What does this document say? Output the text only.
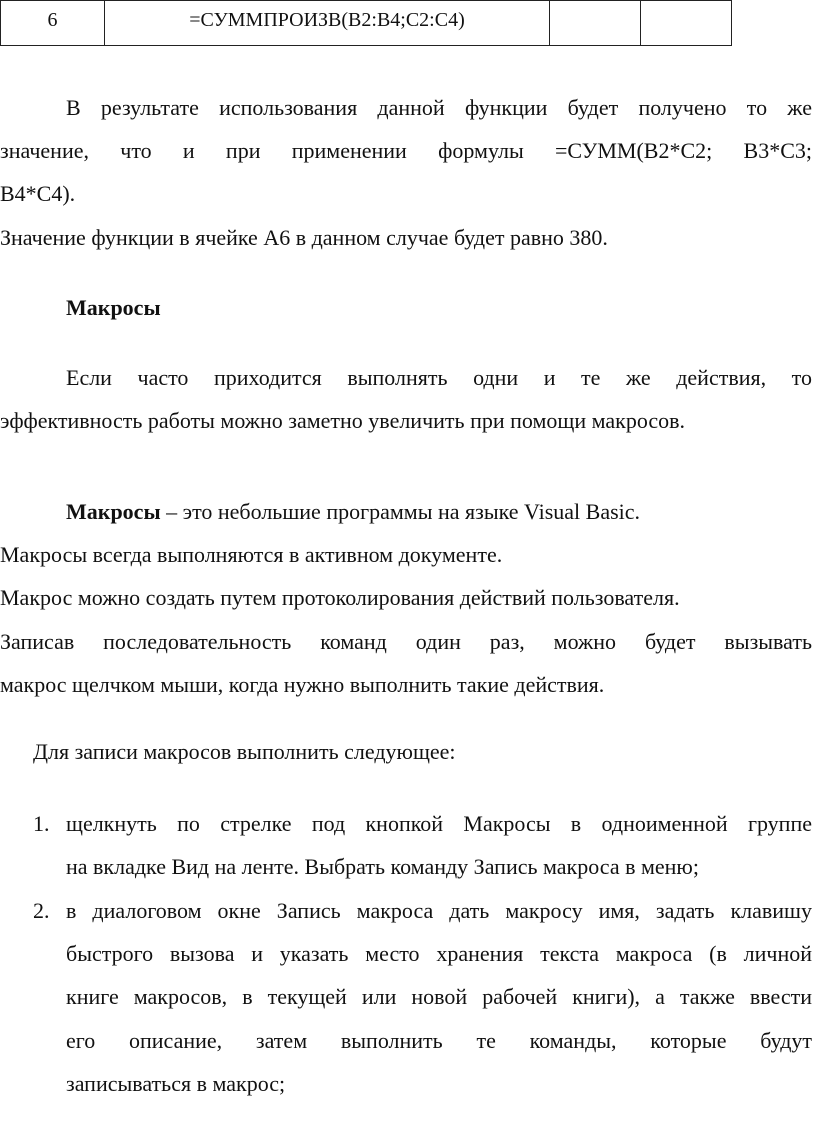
6	=СУММПРОИЗВ(B2:B4;C2:C4)		
В результате использования данной функции будет получено то же
значение, что и при применении формулы =СУММ(B2*C2; B3*C3;
B4*C4).
Значение функции в ячейке А6 в данном случае будет равно 380.
Макросы
Если часто приходится выполнять одни и те же действия, то
эффективность работы можно заметно увеличить при помощи макросов.
Макросы – это небольшие программы на языке Visual Basic.
Макросы всегда выполняются в активном документе.
Макрос можно создать путем протоколирования действий пользователя.
Записав последовательность команд один раз, можно будет вызывать
макрос щелчком мыши, когда нужно выполнить такие действия.
Для записи макросов выполнить следующее:
1. щелкнуть по стрелке под кнопкой Макросы в одноименной группе
на вкладке Вид на ленте. Выбрать команду Запись макроса в меню;
2. в диалоговом окне Запись макроса дать макросу имя, задать клавишу
быстрого вызова и указать место хранения текста макроса (в личной
книге макросов, в текущей или новой рабочей книги), а также ввести
его описание, затем выполнить те команды, которые будут
записываться в макрос;
